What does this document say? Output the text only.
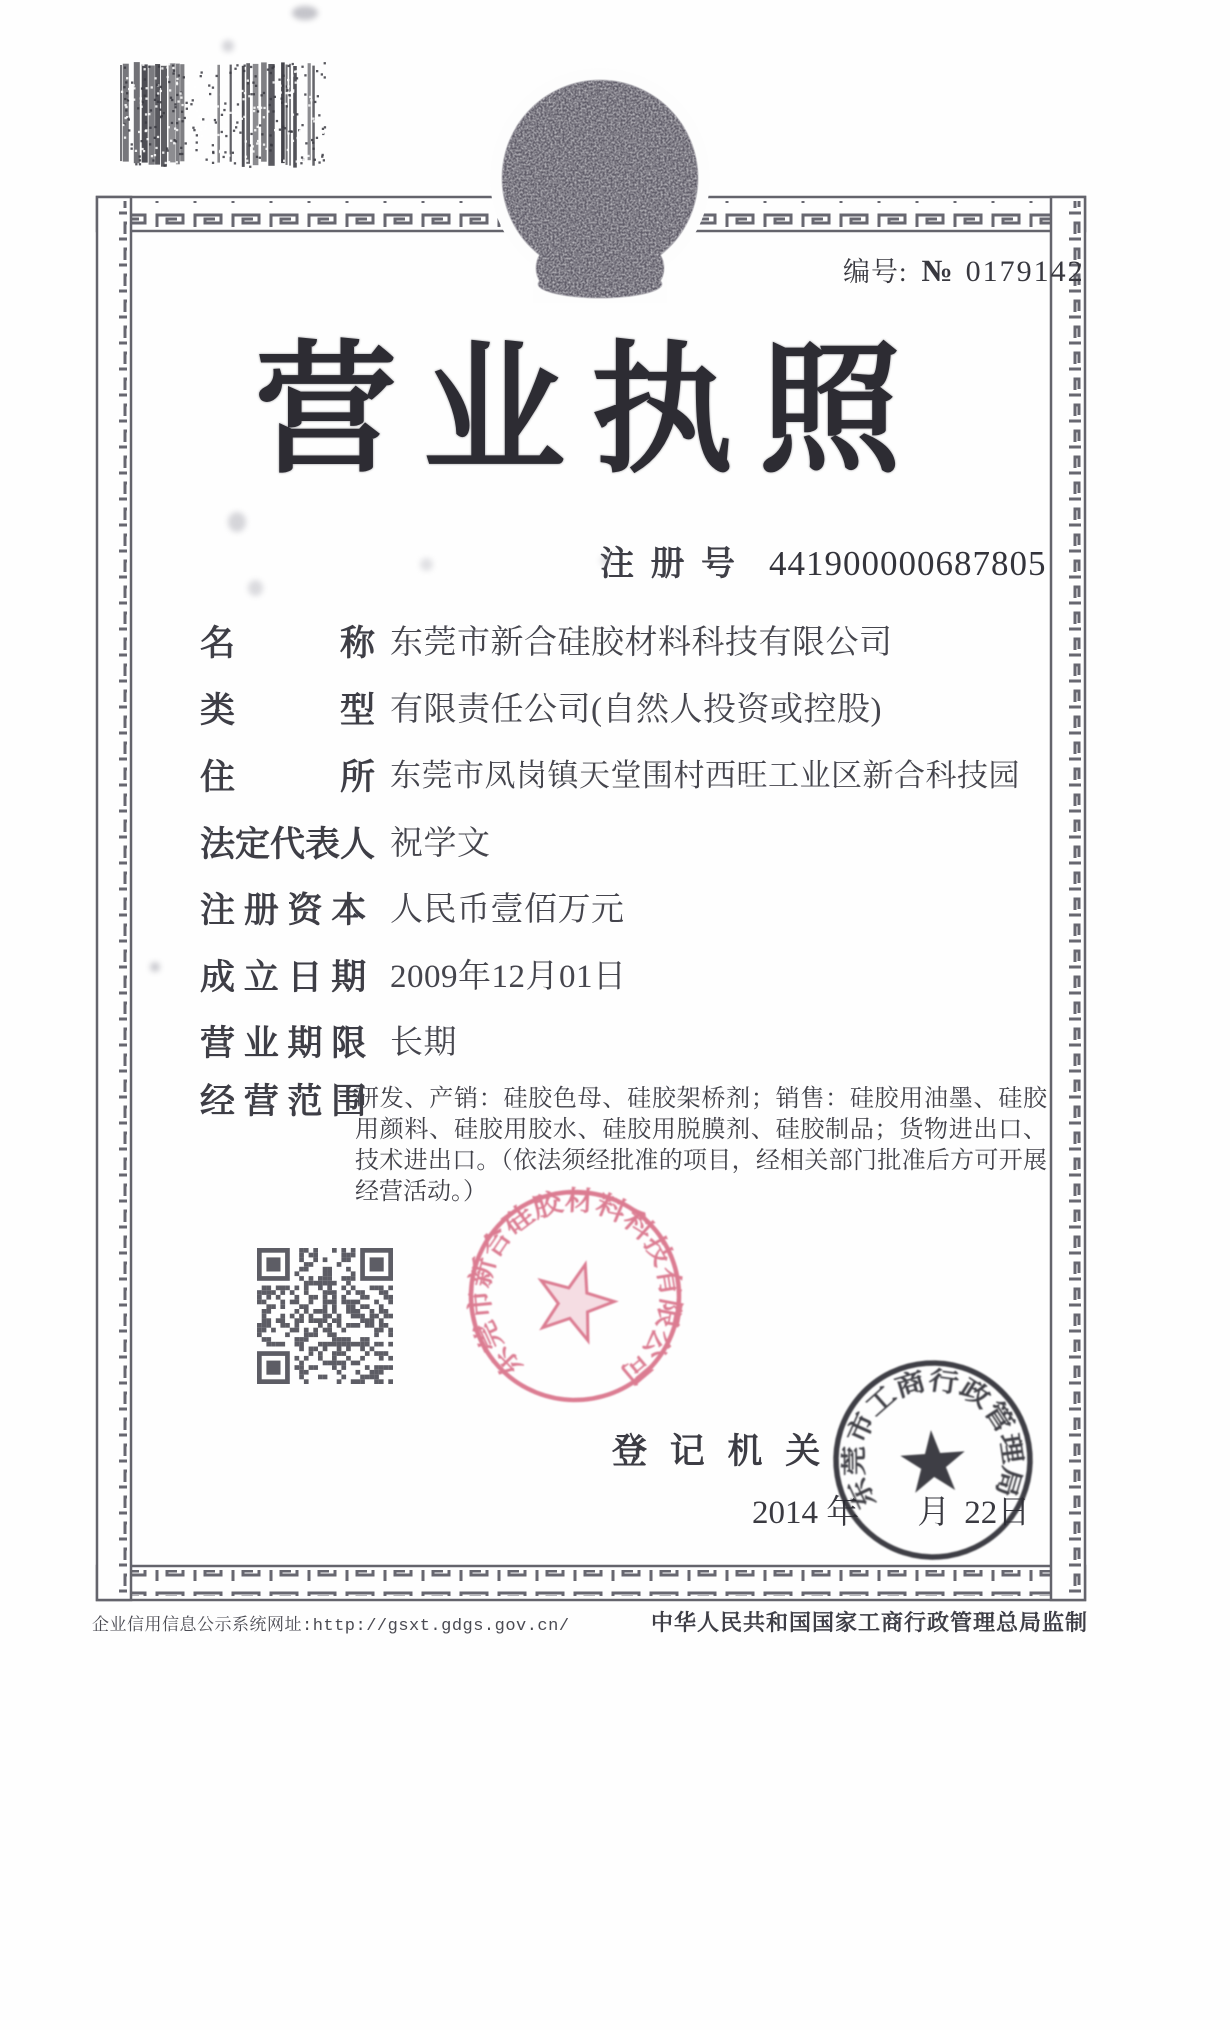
编号: № 0179142
营业执照
注 册 号 441900000687805
名　　　称 东莞市新合硅胶材料科技有限公司
类　　　型 有限责任公司(自然人投资或控股)
住　　　所 东莞市凤岗镇天堂围村西旺工业区新合科技园
法定代表人 祝学文
注 册 资 本 人民币壹佰万元
成 立 日 期 2009年12月01日
营 业 期 限 长期
经 营 范 围
研发、产销：硅胶色母、硅胶架桥剂；销售：硅胶用油墨、硅胶用颜料、硅胶用胶水、硅胶用脱膜剂、硅胶制品；货物进出口、技术进出口。（依法须经批准的项目，经相关部门批准后方可开展经营活动。）
东莞市新合硅胶材料科技有限公司
登 记 机 关
2014 年 月 22日
东莞市工商行政管理局
企业信用信息公示系统网址:http://gsxt.gdgs.gov.cn/	中华人民共和国国家工商行政管理总局监制
